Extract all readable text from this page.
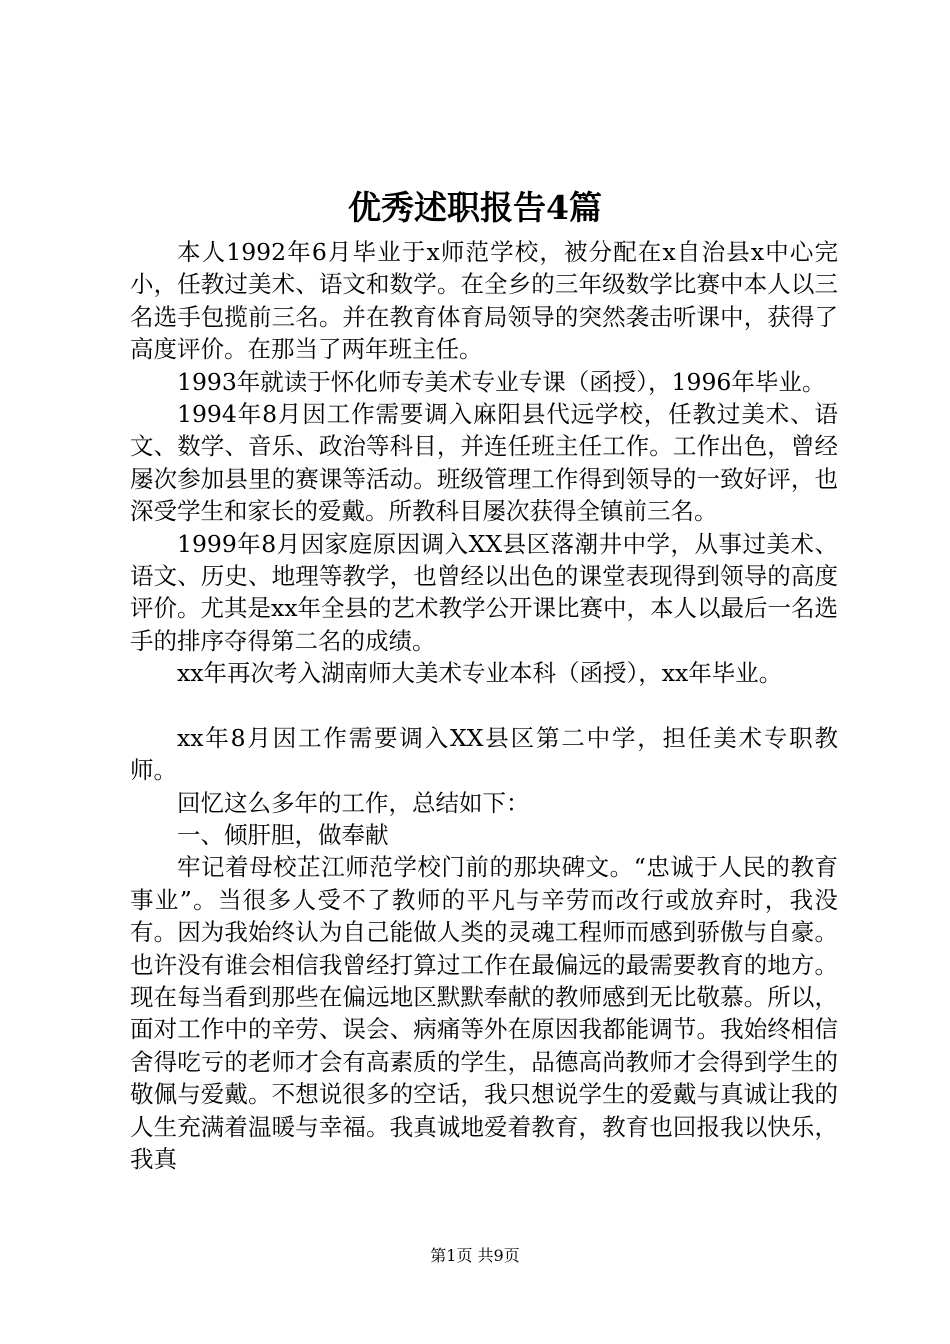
优秀述职报告4篇

本人1992年6月毕业于x师范学校，被分配在x自治县x中心完小，任教过美术、语文和数学。在全乡的三年级数学比赛中本人以三名选手包揽前三名。并在教育体育局领导的突然袭击听课中，获得了高度评价。在那当了两年班主任。

1993年就读于怀化师专美术专业专课（函授），1996年毕业。

1994年8月因工作需要调入麻阳县代远学校，任教过美术、语文、数学、音乐、政治等科目，并连任班主任工作。工作出色，曾经屡次参加县里的赛课等活动。班级管理工作得到领导的一致好评，也深受学生和家长的爱戴。所教科目屡次获得全镇前三名。

1999年8月因家庭原因调入XX县区落潮井中学，从事过美术、语文、历史、地理等教学，也曾经以出色的课堂表现得到领导的高度评价。尤其是xx年全县的艺术教学公开课比赛中，本人以最后一名选手的排序夺得第二名的成绩。

xx年再次考入湖南师大美术专业本科（函授），xx年毕业。

xx年8月因工作需要调入XX县区第二中学，担任美术专职教师。

回忆这么多年的工作，总结如下：

一、倾肝胆，做奉献

牢记着母校芷江师范学校门前的那块碑文。“忠诚于人民的教育事业”。当很多人受不了教师的平凡与辛劳而改行或放弃时，我没有。因为我始终认为自己能做人类的灵魂工程师而感到骄傲与自豪。也许没有谁会相信我曾经打算过工作在最偏远的最需要教育的地方。现在每当看到那些在偏远地区默默奉献的教师感到无比敬慕。所以，面对工作中的辛劳、误会、病痛等外在原因我都能调节。我始终相信舍得吃亏的老师才会有高素质的学生，品德高尚教师才会得到学生的敬佩与爱戴。不想说很多的空话，我只想说学生的爱戴与真诚让我的人生充满着温暖与幸福。我真诚地爱着教育，教育也回报我以快乐，我真

第1页 共9页
